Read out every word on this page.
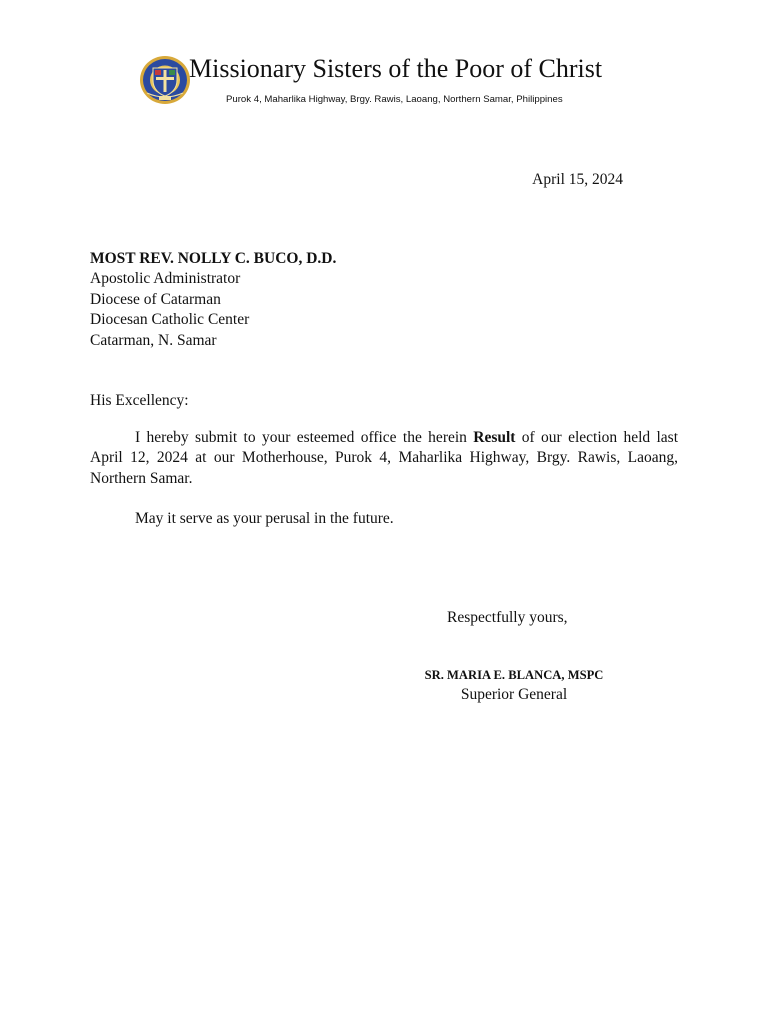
Missionary Sisters of the Poor of Christ
Purok 4, Maharlika Highway, Brgy. Rawis, Laoang, Northern Samar, Philippines
April 15, 2024
MOST REV. NOLLY C. BUCO, D.D.
Apostolic Administrator
Diocese of Catarman
Diocesan Catholic Center
Catarman, N. Samar
His Excellency:
I hereby submit to your esteemed office the herein Result of our election held last April 12, 2024 at our Motherhouse, Purok 4, Maharlika Highway, Brgy. Rawis, Laoang, Northern Samar.
May it serve as your perusal in the future.
Respectfully yours,
SR. MARIA E. BLANCA, MSPC
Superior General
